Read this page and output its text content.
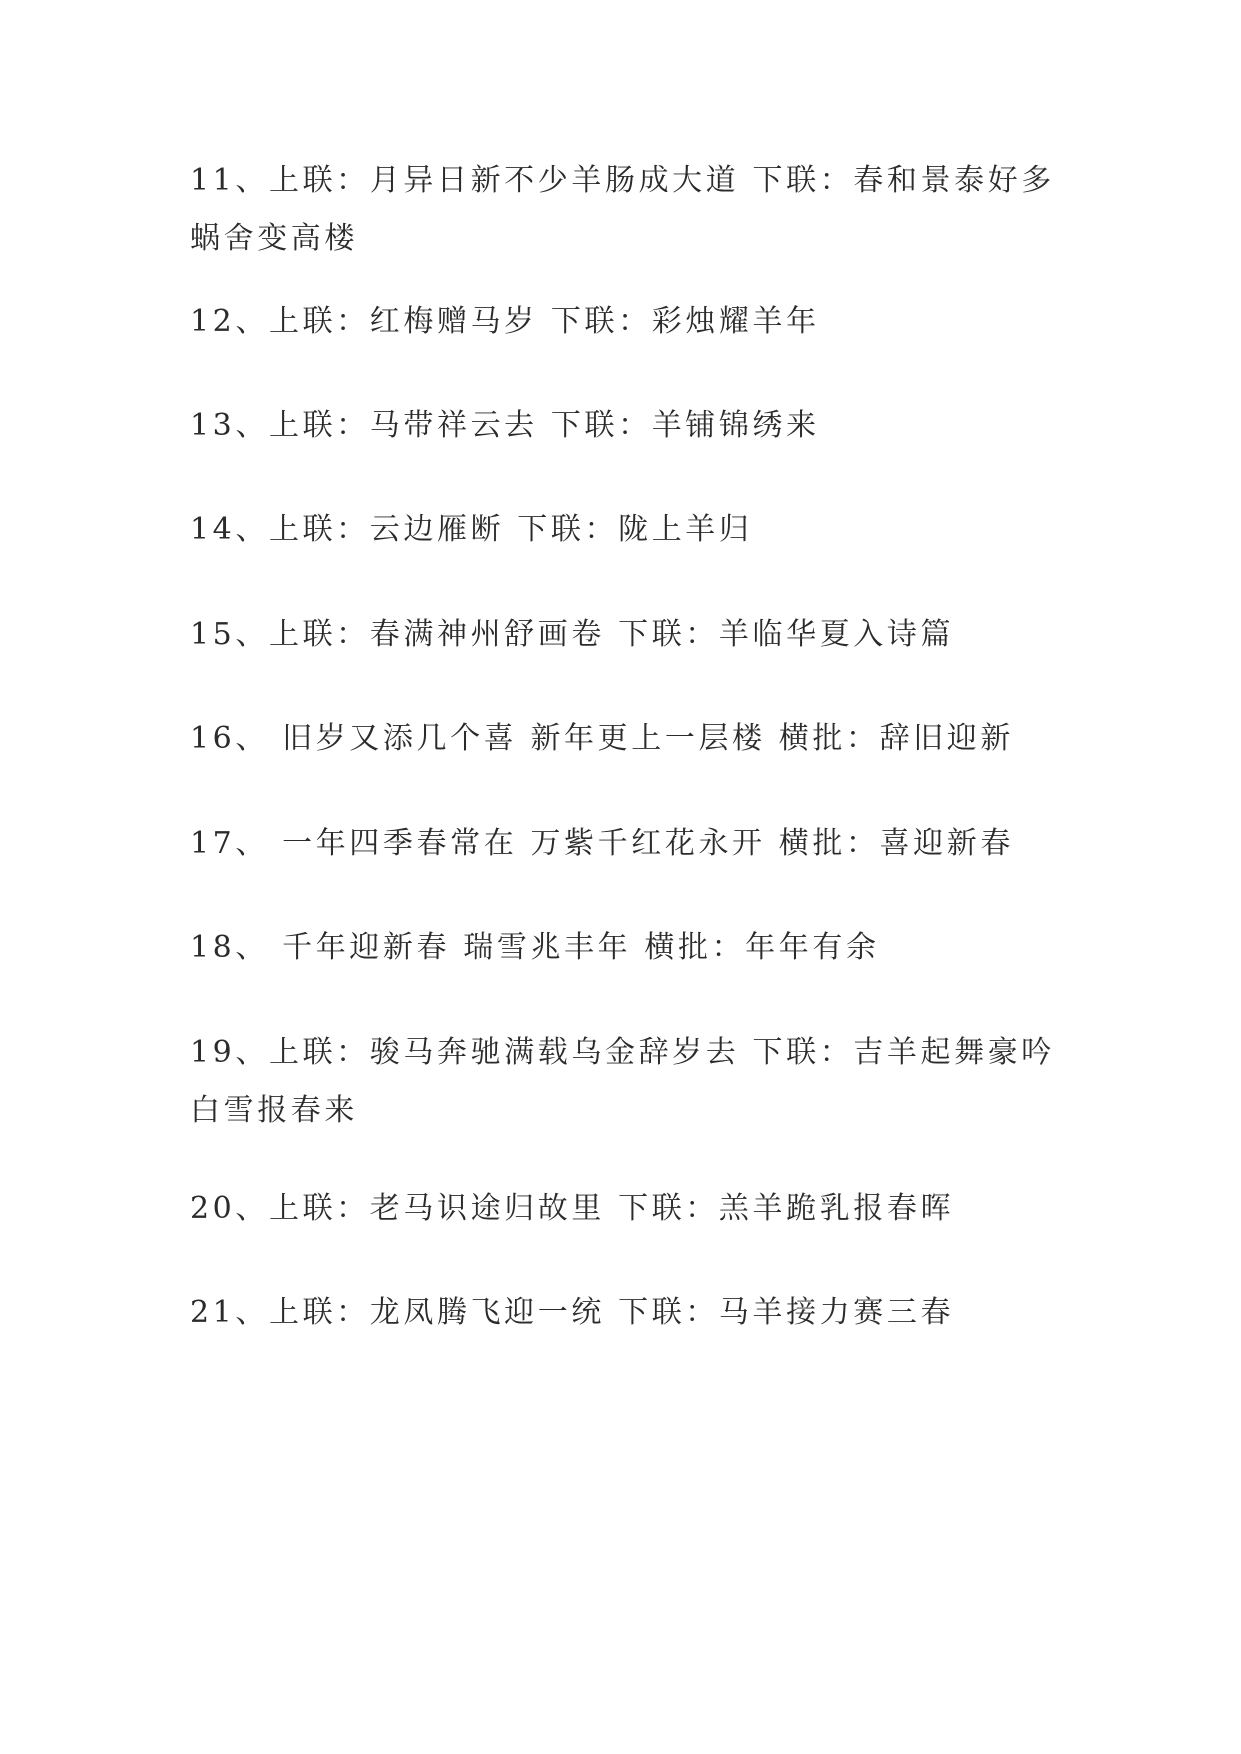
11、上联：月异日新不少羊肠成大道 下联：春和景泰好多蜗舍变高楼

12、上联：红梅赠马岁 下联：彩烛耀羊年

13、上联：马带祥云去 下联：羊铺锦绣来

14、上联：云边雁断 下联：陇上羊归

15、上联：春满神州舒画卷 下联：羊临华夏入诗篇

16、 旧岁又添几个喜 新年更上一层楼 横批：辞旧迎新

17、 一年四季春常在 万紫千红花永开 横批：喜迎新春

18、 千年迎新春 瑞雪兆丰年 横批：年年有余

19、上联：骏马奔驰满载乌金辞岁去 下联：吉羊起舞豪吟白雪报春来

20、上联：老马识途归故里 下联：羔羊跪乳报春晖

21、上联：龙凤腾飞迎一统 下联：马羊接力赛三春
